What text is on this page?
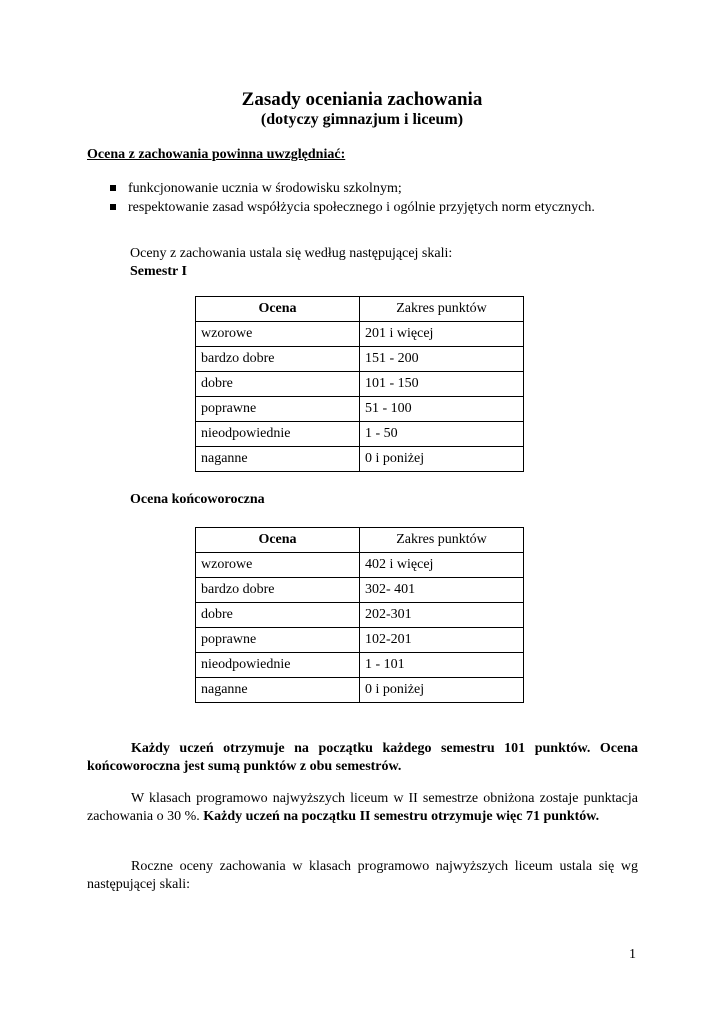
Zasady oceniania zachowania
(dotyczy gimnazjum i liceum)
Ocena z zachowania powinna uwzględniać:
funkcjonowanie ucznia w środowisku szkolnym;
respektowanie zasad współżycia społecznego i ogólnie przyjętych norm etycznych.
Oceny z zachowania ustala się według następującej skali:
Semestr I
Ocena	Zakres punktów
wzorowe	201 i więcej
bardzo dobre	151 - 200
dobre	101 - 150
poprawne	51 - 100
nieodpowiednie	1 - 50
naganne	0 i poniżej
Ocena końcoworoczna
Ocena	Zakres punktów
wzorowe	402 i więcej
bardzo dobre	302- 401
dobre	202-301
poprawne	102-201
nieodpowiednie	1 - 101
naganne	0 i poniżej
Każdy uczeń otrzymuje na początku każdego semestru 101 punktów. Ocena końcoworoczna jest sumą punktów z obu semestrów.
W klasach programowo najwyższych liceum w II semestrze obniżona zostaje punktacja zachowania o 30 %. Każdy uczeń na początku II semestru otrzymuje więc 71 punktów.
Roczne oceny zachowania w klasach programowo najwyższych liceum ustala się wg następującej skali:
1
